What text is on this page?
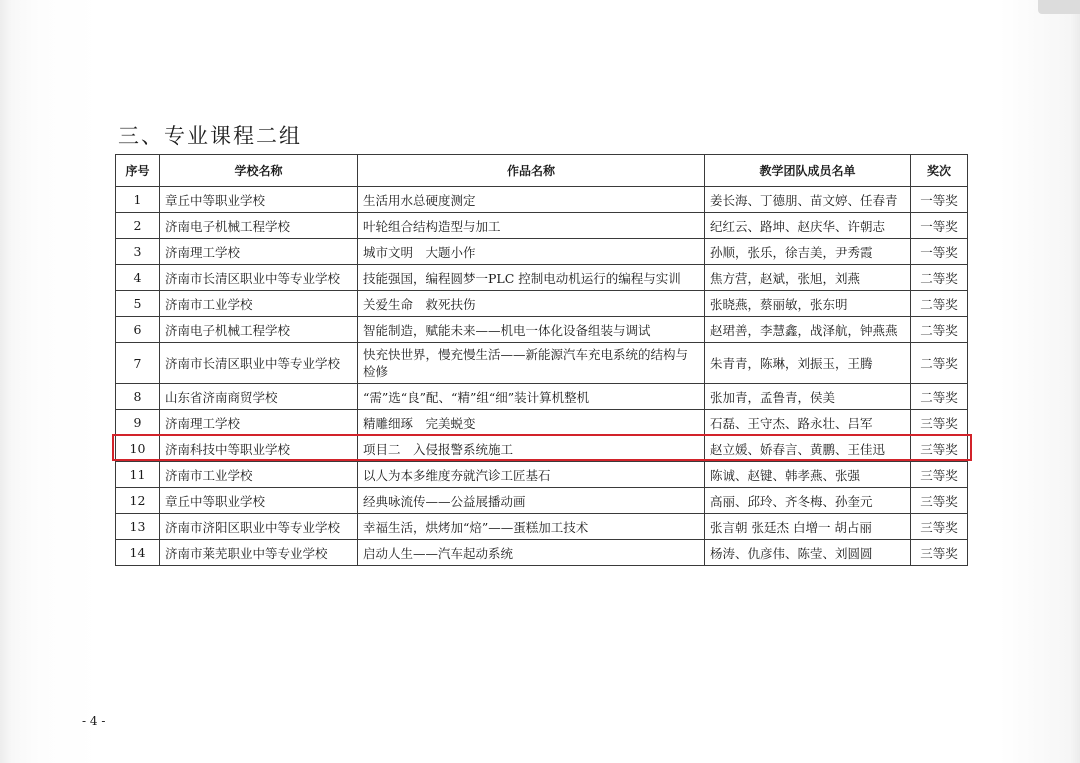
三、专业课程二组
序号	学校名称	作品名称	教学团队成员名单	奖次
1	章丘中等职业学校	生活用水总硬度测定	姜长海、丁德朋、苗文婷、任春青	一等奖
2	济南电子机械工程学校	叶轮组合结构造型与加工	纪红云、路坤、赵庆华、许朝志	一等奖
3	济南理工学校	城市文明　大题小作	孙顺，张乐，徐吉美，尹秀霞	一等奖
4	济南市长清区职业中等专业学校	技能强国，编程圆梦一PLC 控制电动机运行的编程与实训	焦方营，赵斌，张旭，刘燕	二等奖
5	济南市工业学校	关爱生命　救死扶伤	张晓燕，蔡丽敏，张东明	二等奖
6	济南电子机械工程学校	智能制造，赋能未来——机电一体化设备组装与调试	赵珺善，李慧鑫，战泽航，钟燕燕	二等奖
7	济南市长清区职业中等专业学校	快充快世界，慢充慢生活——新能源汽车充电系统的结构与检修	朱青青，陈琳，刘振玉，王腾	二等奖
8	山东省济南商贸学校	“需”选“良”配、“精”组“细”装计算机整机	张加青，孟鲁青，侯美	二等奖
9	济南理工学校	精雕细琢　完美蜕变	石磊、王守杰、路永壮、吕军	三等奖
10	济南科技中等职业学校	项目二　入侵报警系统施工	赵立媛、娇春言、黄鹏、王佳迅	三等奖
11	济南市工业学校	以人为本多维度夯就汽诊工匠基石	陈诚、赵键、韩孝燕、张强	三等奖
12	章丘中等职业学校	经典咏流传——公益展播动画	高丽、邱玲、齐冬梅、孙奎元	三等奖
13	济南市济阳区职业中等专业学校	幸福生活，烘烤加“焙”——蛋糕加工技术	张言朝 张廷杰 白增一 胡占丽	三等奖
14	济南市莱芜职业中等专业学校	启动人生——汽车起动系统	杨涛、仇彦伟、陈莹、刘圆圆	三等奖
- 4 -
